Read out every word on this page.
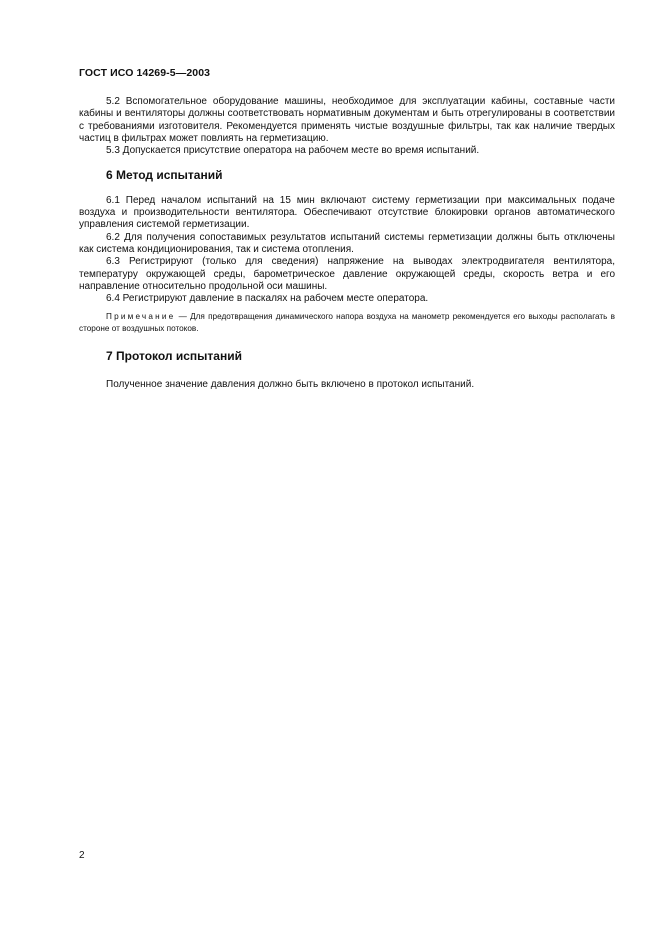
ГОСТ ИСО 14269-5—2003

5.2 Вспомогательное оборудование машины, необходимое для эксплуатации кабины, составные части кабины и вентиляторы должны соответствовать нормативным документам и быть отрегулированы в соответствии с требованиями изготовителя. Рекомендуется применять чистые воздушные фильтры, так как наличие твердых частиц в фильтрах может повлиять на герметизацию.

5.3 Допускается присутствие оператора на рабочем месте во время испытаний.

6 Метод испытаний

6.1 Перед началом испытаний на 15 мин включают систему герметизации при максимальных подаче воздуха и производительности вентилятора. Обеспечивают отсутствие блокировки органов автоматического управления системой герметизации.

6.2 Для получения сопоставимых результатов испытаний системы герметизации должны быть отключены как система кондиционирования, так и система отопления.

6.3 Регистрируют (только для сведения) напряжение на выводах электродвигателя вентилятора, температуру окружающей среды, барометрическое давление окружающей среды, скорость ветра и его направление относительно продольной оси машины.

6.4 Регистрируют давление в паскалях на рабочем месте оператора.

Примечание — Для предотвращения динамического напора воздуха на манометр рекомендуется его выходы располагать в стороне от воздушных потоков.

7 Протокол испытаний

Полученное значение давления должно быть включено в протокол испытаний.

2
